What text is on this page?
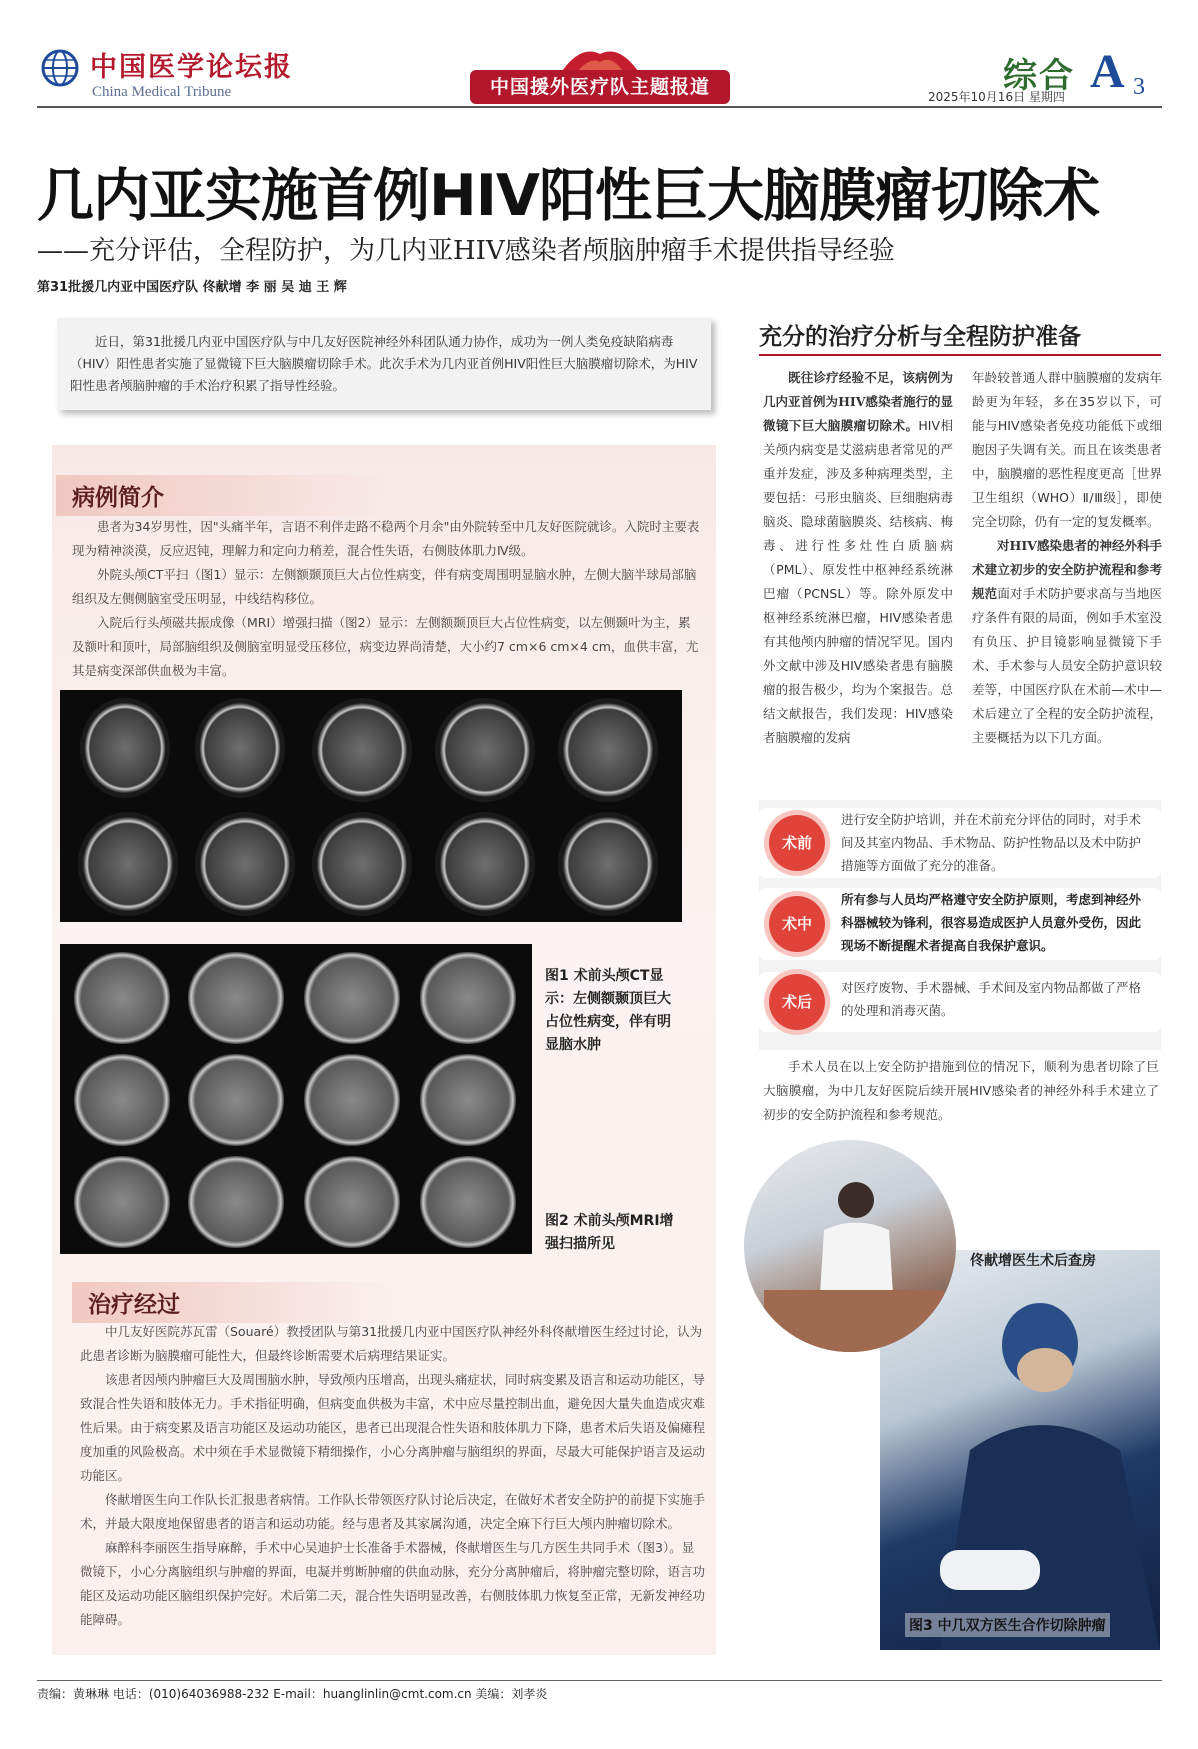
中国医学论坛报
China Medical Tribune	中国援外医疗队主题报道	综合 A 3
2025年10月16日 星期四
几内亚实施首例HIV阳性巨大脑膜瘤切除术
——充分评估，全程防护，为几内亚HIV感染者颅脑肿瘤手术提供指导经验
第31批援几内亚中国医疗队 佟献增 李 丽 吴 迪 王 辉
近日，第31批援几内亚中国医疗队与中几友好医院神经外科团队通力协作，成功为一例人类免疫缺陷病毒（HIV）阳性患者实施了显微镜下巨大脑膜瘤切除手术。此次手术为几内亚首例HIV阳性巨大脑膜瘤切除术，为HIV阳性患者颅脑肿瘤的手术治疗积累了指导性经验。
病例简介

患者为34岁男性，因"头痛半年，言语不利伴走路不稳两个月余"由外院转至中几友好医院就诊。入院时主要表现为精神淡漠，反应迟钝，理解力和定向力稍差，混合性失语，右侧肢体肌力Ⅳ级。

外院头颅CT平扫（图1）显示：左侧额颞顶巨大占位性病变，伴有病变周围明显脑水肿，左侧大脑半球局部脑组织及左侧侧脑室受压明显，中线结构移位。

入院后行头颅磁共振成像（MRI）增强扫描（图2）显示：左侧额颞顶巨大占位性病变，以左侧颞叶为主，累及额叶和顶叶，局部脑组织及侧脑室明显受压移位，病变边界尚清楚，大小约7 cm×6 cm×4 cm，血供丰富，尤其是病变深部供血极为丰富。

图1 术前头颅CT显示：左侧额颞顶巨大占位性病变，伴有明显脑水肿
图2 术前头颅MRI增强扫描所见
治疗经过

中几友好医院苏瓦雷（Souaré）教授团队与第31批援几内亚中国医疗队神经外科佟献增医生经过讨论，认为此患者诊断为脑膜瘤可能性大，但最终诊断需要术后病理结果证实。

该患者因颅内肿瘤巨大及周围脑水肿，导致颅内压增高，出现头痛症状，同时病变累及语言和运动功能区，导致混合性失语和肢体无力。手术指征明确，但病变血供极为丰富，术中应尽量控制出血，避免因大量失血造成灾难性后果。由于病变累及语言功能区及运动功能区，患者已出现混合性失语和肢体肌力下降，患者术后失语及偏瘫程度加重的风险极高。术中须在手术显微镜下精细操作，小心分离肿瘤与脑组织的界面，尽最大可能保护语言及运动功能区。

佟献增医生向工作队长汇报患者病情。工作队长带领医疗队讨论后决定，在做好术者安全防护的前提下实施手术，并最大限度地保留患者的语言和运动功能。经与患者及其家属沟通，决定全麻下行巨大颅内肿瘤切除术。

麻醉科李丽医生指导麻醉，手术中心吴迪护士长准备手术器械，佟献增医生与几方医生共同手术（图3）。显微镜下，小心分离脑组织与肿瘤的界面，电凝并剪断肿瘤的供血动脉，充分分离肿瘤后，将肿瘤完整切除，语言功能区及运动功能区脑组织保护完好。术后第二天，混合性失语明显改善，右侧肢体肌力恢复至正常，无新发神经功能障碍。

充分的治疗分析与全程防护准备

既往诊疗经验不足，该病例为几内亚首例为HIV感染者施行的显微镜下巨大脑膜瘤切除术。HIV相关颅内病变是艾滋病患者常见的严重并发症，涉及多种病理类型，主要包括：弓形虫脑炎、巨细胞病毒脑炎、隐球菌脑膜炎、结核病、梅毒、进行性多灶性白质脑病（PML）、原发性中枢神经系统淋巴瘤（PCNSL）等。除外原发中枢神经系统淋巴瘤，HIV感染者患有其他颅内肿瘤的情况罕见。国内外文献中涉及HIV感染者患有脑膜瘤的报告极少，均为个案报告。总结文献报告，我们发现：HIV感染者脑膜瘤的发病

年龄较普通人群中脑膜瘤的发病年龄更为年轻，多在35岁以下，可能与HIV感染者免疫功能低下或细胞因子失调有关。而且在该类患者中，脑膜瘤的恶性程度更高［世界卫生组织（WHO）Ⅱ/Ⅲ级］，即使完全切除，仍有一定的复发概率。

对HIV感染患者的神经外科手术建立初步的安全防护流程和参考规范面对手术防护要求高与当地医疗条件有限的局面，例如手术室没有负压、护目镜影响显微镜下手术、手术参与人员安全防护意识较差等，中国医疗队在术前—术中—术后建立了全程的安全防护流程，主要概括为以下几方面。

术前
进行安全防护培训，并在术前充分评估的同时，对手术间及其室内物品、手术物品、防护性物品以及术中防护措施等方面做了充分的准备。
术中
所有参与人员均严格遵守安全防护原则，考虑到神经外科器械较为锋利，很容易造成医护人员意外受伤，因此现场不断提醒术者提高自我保护意识。
术后
对医疗废物、手术器械、手术间及室内物品都做了严格的处理和消毒灭菌。

手术人员在以上安全防护措施到位的情况下，顺利为患者切除了巨大脑膜瘤，为中几友好医院后续开展HIV感染者的神经外科手术建立了初步的安全防护流程和参考规范。

佟献增医生术后查房
图3 中几双方医生合作切除肿瘤
责编：黄琳琳 电话：(010)64036988-232 E-mail：huanglinlin@cmt.com.cn 美编：刘孝炎
